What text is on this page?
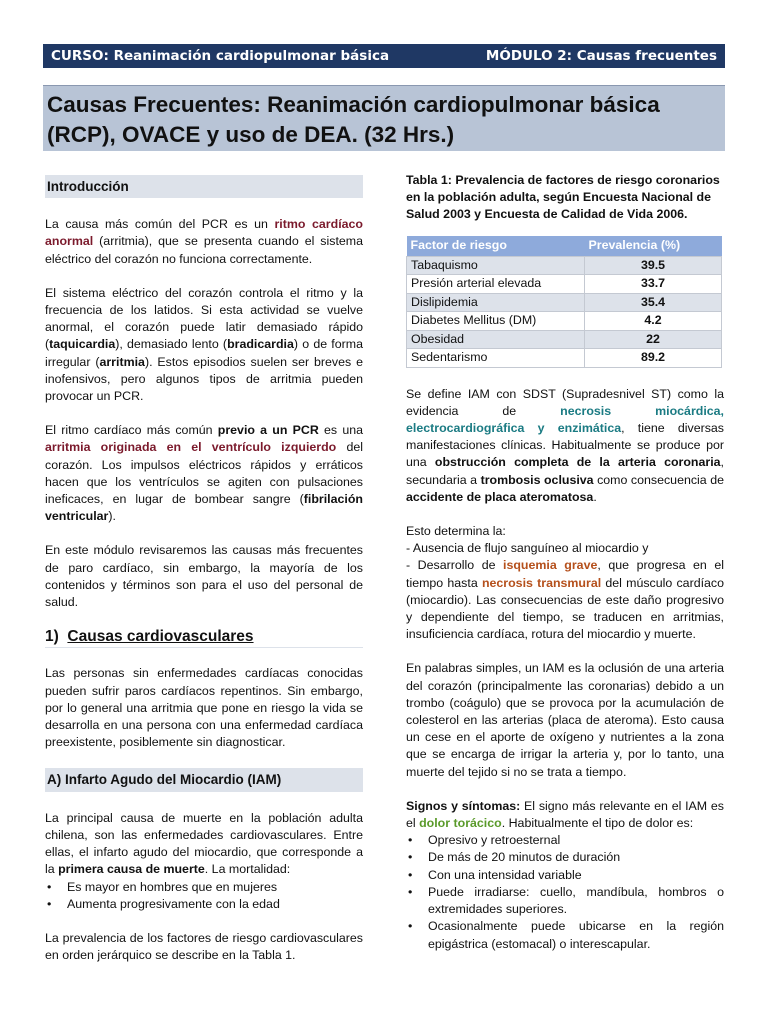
CURSO: Reanimación cardiopulmonar básica	MÓDULO 2: Causas frecuentes
Causas Frecuentes: Reanimación cardiopulmonar básica (RCP), OVACE y uso de DEA. (32 Hrs.)
Introducción

La causa más común del PCR es un ritmo cardíaco anormal (arritmia), que se presenta cuando el sistema eléctrico del corazón no funciona correctamente.

El sistema eléctrico del corazón controla el ritmo y la frecuencia de los latidos. Si esta actividad se vuelve anormal, el corazón puede latir demasiado rápido (taquicardia), demasiado lento (bradicardia) o de forma irregular (arritmia). Estos episodios suelen ser breves e inofensivos, pero algunos tipos de arritmia pueden provocar un PCR.

El ritmo cardíaco más común previo a un PCR es una arritmia originada en el ventrículo izquierdo del corazón. Los impulsos eléctricos rápidos y erráticos hacen que los ventrículos se agiten con pulsaciones ineficaces, en lugar de bombear sangre (fibrilación ventricular).

En este módulo revisaremos las causas más frecuentes de paro cardíaco, sin embargo, la mayoría de los contenidos y términos son para el uso del personal de salud.

1) Causas cardiovasculares

Las personas sin enfermedades cardíacas conocidas pueden sufrir paros cardíacos repentinos. Sin embargo, por lo general una arritmia que pone en riesgo la vida se desarrolla en una persona con una enfermedad cardíaca preexistente, posiblemente sin diagnosticar.

A) Infarto Agudo del Miocardio (IAM)

La principal causa de muerte en la población adulta chilena, son las enfermedades cardiovasculares. Entre ellas, el infarto agudo del miocardio, que corresponde a la primera causa de muerte. La mortalidad:

• Es mayor en hombres que en mujeres
• Aumenta progresivamente con la edad

La prevalencia de los factores de riesgo cardiovasculares en orden jerárquico se describe en la Tabla 1.

Tabla 1: Prevalencia de factores de riesgo coronarios en la población adulta, según Encuesta Nacional de Salud 2003 y Encuesta de Calidad de Vida 2006.
Factor de riesgo	Prevalencia (%)
Tabaquismo	39.5
Presión arterial elevada	33.7
Dislipidemia	35.4
Diabetes Mellitus (DM)	4.2
Obesidad	22
Sedentarismo	89.2

Se define IAM con SDST (Supradesnivel ST) como la evidencia de necrosis miocárdica, electrocardiográfica y enzimática, tiene diversas manifestaciones clínicas. Habitualmente se produce por una obstrucción completa de la arteria coronaria, secundaria a trombosis oclusiva como consecuencia de accidente de placa ateromatosa.

Esto determina la:

- Ausencia de flujo sanguíneo al miocardio y

- Desarrollo de isquemia grave, que progresa en el tiempo hasta necrosis transmural del músculo cardíaco (miocardio). Las consecuencias de este daño progresivo y dependiente del tiempo, se traducen en arritmias, insuficiencia cardíaca, rotura del miocardio y muerte.

En palabras simples, un IAM es la oclusión de una arteria del corazón (principalmente las coronarias) debido a un trombo (coágulo) que se provoca por la acumulación de colesterol en las arterias (placa de ateroma). Esto causa un cese en el aporte de oxígeno y nutrientes a la zona que se encarga de irrigar la arteria y, por lo tanto, una muerte del tejido si no se trata a tiempo.

Signos y síntomas: El signo más relevante en el IAM es el dolor torácico. Habitualmente el tipo de dolor es:

• Opresivo y retroesternal
• De más de 20 minutos de duración
• Con una intensidad variable
• Puede irradiarse: cuello, mandíbula, hombros o extremidades superiores.
• Ocasionalmente puede ubicarse en la región epigástrica (estomacal) o interescapular.
